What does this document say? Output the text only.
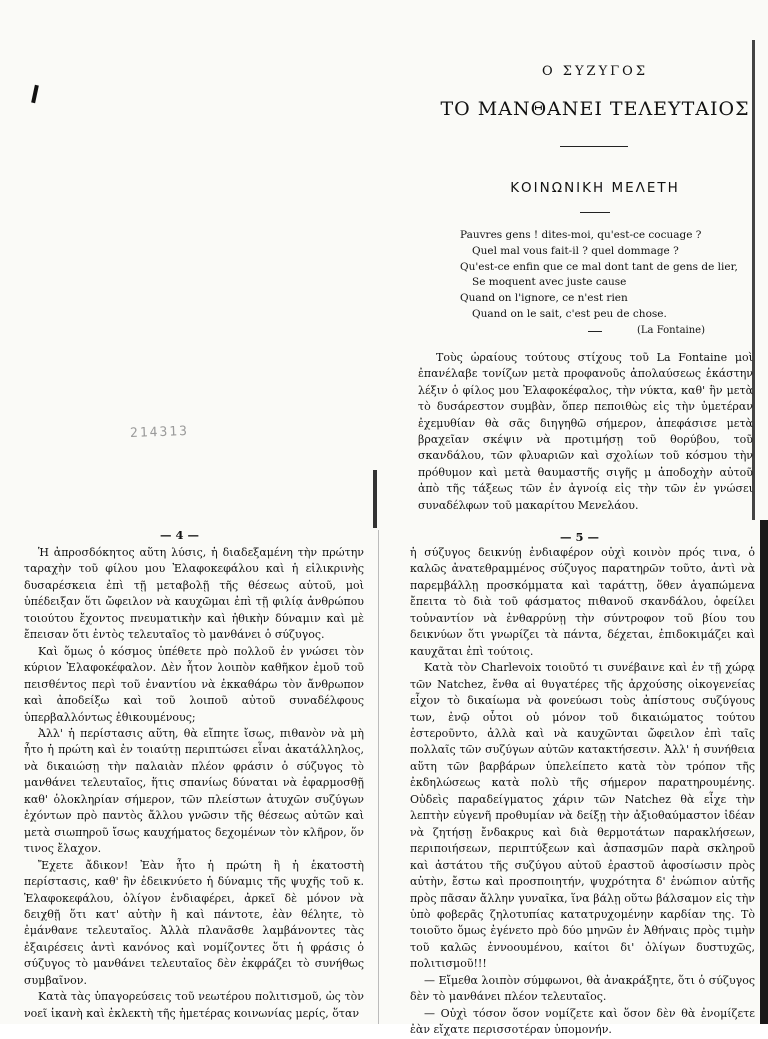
214313
Ο ΣΥΖΥΓΟΣ
ΤΟ ΜΑΝΘΑΝΕΙ ΤΕΛΕΥΤΑΙΟΣ
ΚΟΙΝΩΝΙΚΗ ΜΕΛΕΤΗ
Pauvres gens ! dites-moi, qu'est-ce cocuage ?
Quel mal vous fait-il ? quel dommage ?
Qu'est-ce enfin que ce mal dont tant de gens de lier,
Se moquent avec juste cause
Quand on l'ignore, ce n'est rien
Quand on le sait, c'est peu de chose.
(La Fontaine)

Τοὺς ὡραίους τούτους στίχους τοῦ La Fontaine μοὶ ἐπανέλαβε τονίζων μετὰ προφανοῦς ἀπολαύσεως ἑκάστην λέξιν ὁ φίλος μου Ἐλαφοκέφαλος, τὴν νύκτα, καθ' ἣν μετὰ τὸ δυσάρεστον συμβὰν, ὅπερ πεποιθὼς εἰς τὴν ὑμετέραν ἐχεμυθίαν θὰ σᾶς διηγηθῶ σήμερον, ἀπεφάσισε μετὰ βραχεῖαν σκέψιν νὰ προτιμήσῃ τοῦ θορύβου, τοῦ σκανδάλου, τῶν φλυαριῶν καὶ σχολίων τοῦ κόσμου τὴν πρόθυμον καὶ μετὰ θαυμαστῆς σιγῆς μ ἀποδοχὴν αὐτοῦ ἀπὸ τῆς τάξεως τῶν ἐν ἀγνοίᾳ εἰς τὴν τῶν ἐν γνώσει συναδέλφων τοῦ μακαρίτου Μενελάου.

— 4 —

Ἡ ἀπροσδόκητος αὕτη λύσις, ἡ διαδεξαμένη τὴν πρώτην ταραχὴν τοῦ φίλου μου Ἐλαφοκεφάλου καὶ ἡ εἰλικρινὴς δυσαρέσκεια ἐπὶ τῇ μεταβολῇ τῆς θέσεως αὐτοῦ, μοὶ ὑπέδειξαν ὅτι ὤφειλον νὰ καυχῶμαι ἐπὶ τῇ φιλίᾳ ἀνθρώπου τοιούτου ἔχοντος πνευματικὴν καὶ ἠθικὴν δύναμιν καὶ μὲ ἔπεισαν ὅτι ἐντὸς τελευταῖος τὸ μανθάνει ὁ σύζυγος.

Καὶ ὅμως ὁ κόσμος ὑπέθετε πρὸ πολλοῦ ἐν γνώσει τὸν κύριον Ἐλαφοκέφαλον. Δὲν ἦτον λοιπὸν καθῆκον ἐμοῦ τοῦ πεισθέντος περὶ τοῦ ἐναντίου νὰ ἐκκαθάρω τὸν ἄνθρωπον καὶ ἀποδείξω καὶ τοῦ λοιποῦ αὐτοῦ συναδέλφους ὑπερβαλλόντως ἐθικουμένους;

Ἀλλ' ἡ περίστασις αὕτη, θὰ εἴπητε ἴσως, πιθανὸν νὰ μὴ ἦτο ἡ πρώτη καὶ ἐν τοιαύτῃ περιπτώσει εἶναι ἀκατάλληλος, νὰ δικαιώσῃ τὴν παλαιὰν πλέον φράσιν ὁ σύζυγος τὸ μανθάνει τελευταῖος, ἥτις σπανίως δύναται νὰ ἐφαρμοσθῇ καθ' ὁλοκληρίαν σήμερον, τῶν πλείστων ἀτυχῶν συζύγων ἐχόντων πρὸ παντὸς ἄλλου γνῶσιν τῆς θέσεως αὐτῶν καὶ μετὰ σιωπηροῦ ἴσως καυχήματος δεχομένων τὸν κλῆρον, ὅν τινος ἔλαχον.

Ἔχετε ἄδικον! Ἐὰν ἦτο ἡ πρώτη ἢ ἡ ἑκατοστὴ περίστασις, καθ' ἣν ἐδεικνύετο ἡ δύναμις τῆς ψυχῆς τοῦ κ. Ἐλαφοκεφάλου, ὀλίγον ἐνδιαφέρει, ἀρκεῖ δὲ μόνον νὰ δειχθῇ ὅτι κατ' αὐτὴν ἢ καὶ πάντοτε, ἐὰν θέλητε, τὸ ἐμάνθανε τελευταῖος. Ἀλλὰ πλανᾶσθε λαμβάνοντες τὰς ἐξαιρέσεις ἀντὶ κανόνος καὶ νομίζοντες ὅτι ἡ φράσις ὁ σύζυγος τὸ μανθάνει τελευταῖος δὲν ἐκφράζει τὸ συνήθως συμβαῖνον.

Κατὰ τὰς ὑπαγορεύσεις τοῦ νεωτέρου πολιτισμοῦ, ὡς τὸν νοεῖ ἱκανὴ καὶ ἐκλεκτὴ τῆς ἡμετέρας κοινωνίας μερίς, ὅταν

— 5 —

ἡ σύζυγος δεικνύῃ ἐνδιαφέρον οὐχὶ κοινὸν πρός τινα, ὁ καλῶς ἀνατεθραμμένος σύζυγος παρατηρῶν τοῦτο, ἀντὶ νὰ παρεμβάλλῃ προσκόμματα καὶ ταράττῃ, ὅθεν ἀγαπώμενα ἔπειτα τὸ διὰ τοῦ φάσματος πιθανοῦ σκανδάλου, ὀφείλει τοὐναντίον νὰ ἐνθαρρύνῃ τὴν σύντροφον τοῦ βίου του δεικνύων ὅτι γνωρίζει τὰ πάντα, δέχεται, ἐπιδοκιμάζει καὶ καυχᾶται ἐπὶ τούτοις.

Κατὰ τὸν Charlevoix τοιοῦτό τι συνέβαινε καὶ ἐν τῇ χώρᾳ τῶν Natchez, ἔνθα αἱ θυγατέρες τῆς ἀρχούσης οἰκογενείας εἶχον τὸ δικαίωμα νὰ φονεύωσι τοὺς ἀπίστους συζύγους των, ἐνῷ οὗτοι οὐ μόνον τοῦ δικαιώματος τούτου ἐστεροῦντο, ἀλλὰ καὶ νὰ καυχῶνται ὤφειλον ἐπὶ ταῖς πολλαῖς τῶν συζύγων αὐτῶν κατακτήσεσιν. Ἀλλ' ἡ συνήθεια αὕτη τῶν βαρβάρων ὑπελείπετο κατὰ τὸν τρόπον τῆς ἐκδηλώσεως κατὰ πολὺ τῆς σήμερον παρατηρουμένης. Οὐδεὶς παραδείγματος χάριν τῶν Natchez θὰ εἶχε τὴν λεπτὴν εὐγενῆ προθυμίαν νὰ δείξῃ τὴν ἀξιοθαύμαστον ἰδέαν νὰ ζητήσῃ ἔνδακρυς καὶ διὰ θερμοτάτων παρακλήσεων, περιποιήσεων, περιπτύξεων καὶ ἀσπασμῶν παρὰ σκληροῦ καὶ ἀστάτου τῆς συζύγου αὐτοῦ ἐραστοῦ ἀφοσίωσιν πρὸς αὐτὴν, ἔστω καὶ προσποιητήν, ψυχρότητα δ' ἐνώπιον αὐτῆς πρὸς πᾶσαν ἄλλην γυναῖκα, ἵνα βάλῃ οὕτω βάλσαμον εἰς τὴν ὑπὸ φοβερᾶς ζηλοτυπίας κατατρυχομένην καρδίαν της. Τὸ τοιοῦτο ὅμως ἐγένετο πρὸ δύο μηνῶν ἐν Ἀθήναις πρὸς τιμὴν τοῦ καλῶς ἐννοουμένου, καίτοι δι' ὀλίγων δυστυχῶς, πολιτισμοῦ!!!

— Εἴμεθα λοιπὸν σύμφωνοι, θὰ ἀνακράξητε, ὅτι ὁ σύζυγος δὲν τὸ μανθάνει πλέον τελευταῖος.

— Οὐχὶ τόσον ὅσον νομίζετε καὶ ὅσον δὲν θὰ ἐνομίζετε ἐὰν εἴχατε περισσοτέραν ὑπομονήν.
